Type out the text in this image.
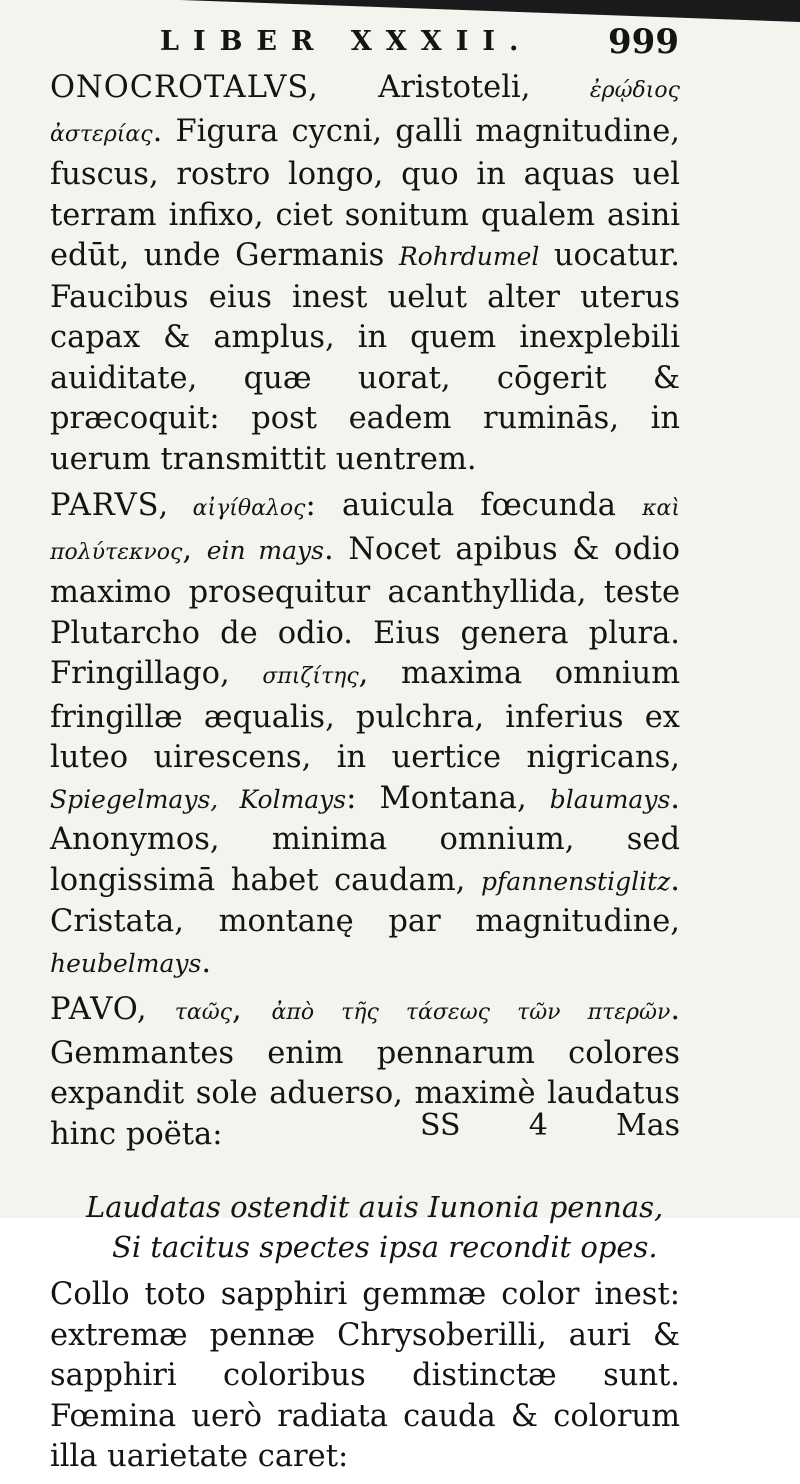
LIBER XXXII. 999

ONOCROTALVS, Aristoteli, ἐρῴδιος ἀστερίας. Figura cycni, galli magnitudine, fuscus, rostro longo, quo in aquas uel terram infixo, ciet sonitum qualem asini edūt, unde Germanis Rohrdumel uocatur. Faucibus eius inest uelut alter uterus capax & amplus, in quem inexplebili auiditate, quæ uorat, cōgerit & præcoquit: post eadem ruminās, in uerum transmittit uentrem.

PARVS, αἰγίθαλος: auicula fœcunda καὶ πολύτεκνος, ein mays. Nocet apibus & odio maximo prosequitur acanthyllida, teste Plutarcho de odio. Eius genera plura. Fringillago, σπιζίτης, maxima omnium fringillæ æqualis, pulchra, inferius ex luteo uirescens, in uertice nigricans, Spiegelmays, Kolmays: Montana, blaumays. Anonymos, minima omnium, sed longissimā habet caudam, pfannenstiglitz. Cristata, montanę par magnitudine, heubelmays.

PAVO, ταῶς, ἀπὸ τῆς τάσεως τῶν πτερῶν. Gemmantes enim pennarum colores expandit sole aduerso, maximè laudatus hinc poëta:

Laudatas ostendit auis Iunonia pennas,
Si tacitus spectes ipsa recondit opes.

Collo toto sapphiri gemmæ color inest: extremæ pennæ Chrysoberilli, auri & sapphiri coloribus distinctæ sunt. Fœmina uerò radiata cauda & colorum illa uarietate caret:

SS 4 Mas
